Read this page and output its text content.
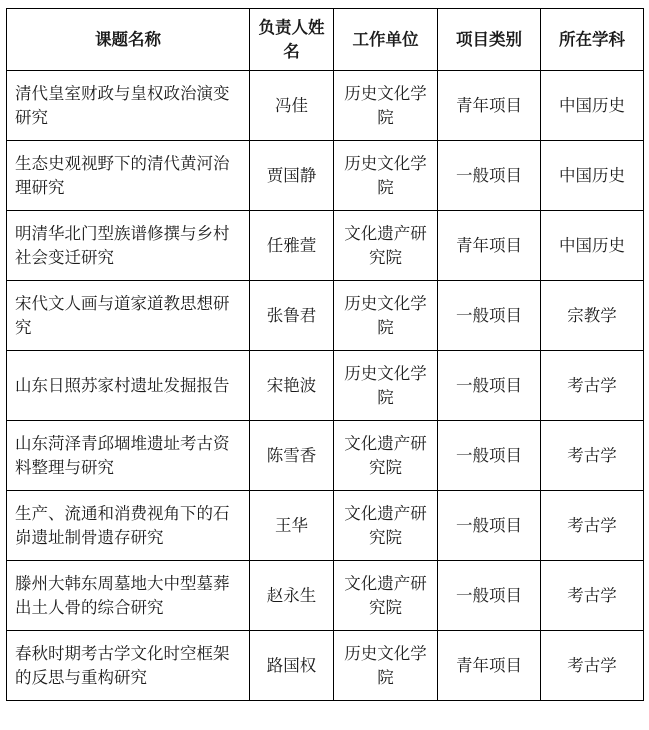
课题名称	负责人姓名	工作单位	项目类别	所在学科
清代皇室财政与皇权政治演变研究	冯佳	历史文化学院	青年项目	中国历史
生态史观视野下的清代黄河治理研究	贾国静	历史文化学院	一般项目	中国历史
明清华北门型族谱修撰与乡村社会变迁研究	任雅萱	文化遗产研究院	青年项目	中国历史
宋代文人画与道家道教思想研究	张鲁君	历史文化学院	一般项目	宗教学
山东日照苏家村遗址发掘报告	宋艳波	历史文化学院	一般项目	考古学
山东菏泽青邱堌堆遗址考古资料整理与研究	陈雪香	文化遗产研究院	一般项目	考古学
生产、流通和消费视角下的石峁遗址制骨遗存研究	王华	文化遗产研究院	一般项目	考古学
滕州大韩东周墓地大中型墓葬出土人骨的综合研究	赵永生	文化遗产研究院	一般项目	考古学
春秋时期考古学文化时空框架的反思与重构研究	路国权	历史文化学院	青年项目	考古学
